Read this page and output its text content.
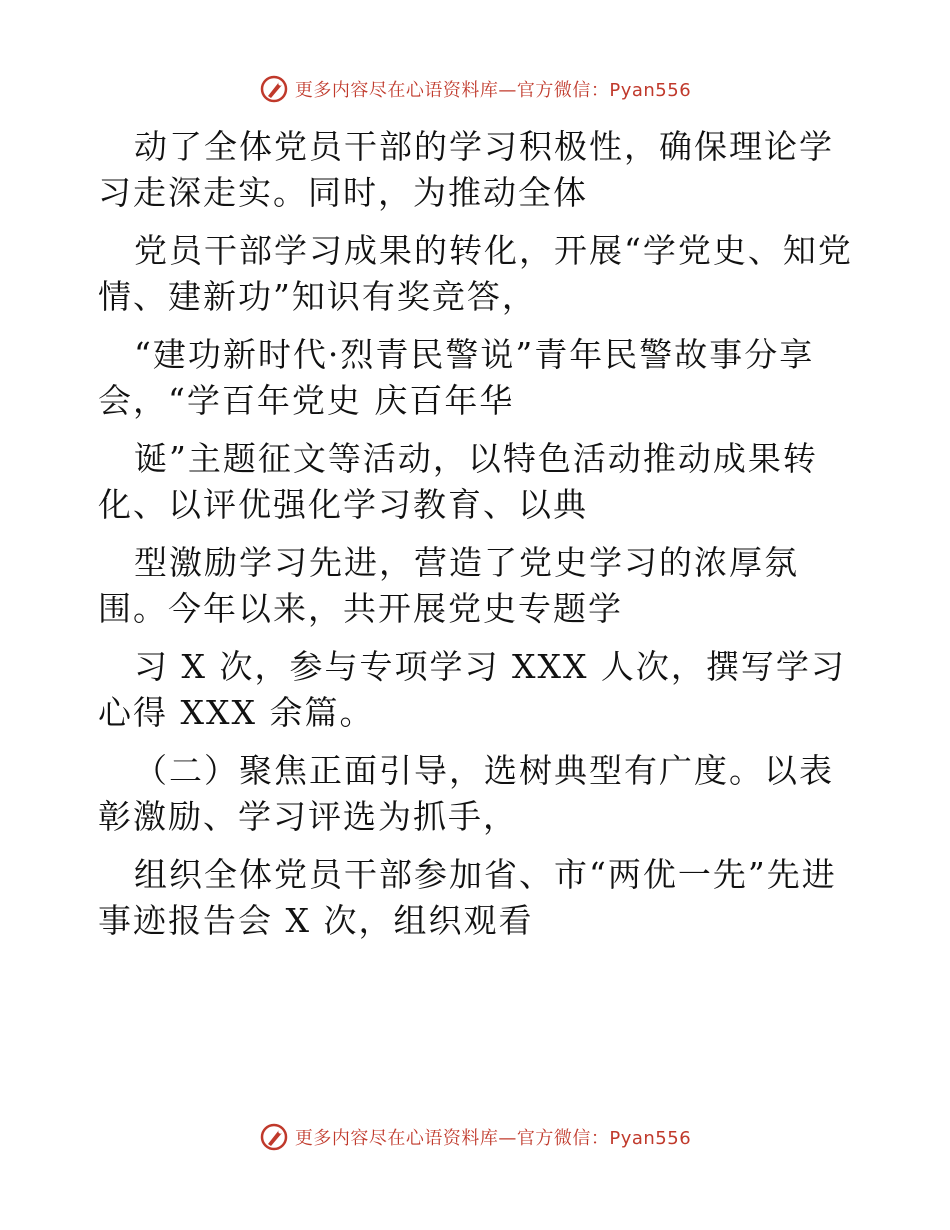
更多内容尽在心语资料库—官方微信：Pyan556

动了全体党员干部的学习积极性，确保理论学习走深走实。同时，为推动全体

党员干部学习成果的转化，开展“学党史、知党情、建新功”知识有奖竞答，

“建功新时代·烈青民警说”青年民警故事分享会，“学百年党史 庆百年华

诞”主题征文等活动，以特色活动推动成果转化、以评优强化学习教育、以典

型激励学习先进，营造了党史学习的浓厚氛围。今年以来，共开展党史专题学

习 X 次，参与专项学习 XXX 人次，撰写学习心得 XXX 余篇。

（二）聚焦正面引导，选树典型有广度。以表彰激励、学习评选为抓手，

组织全体党员干部参加省、市“两优一先”先进事迹报告会 X 次，组织观看

更多内容尽在心语资料库—官方微信：Pyan556
